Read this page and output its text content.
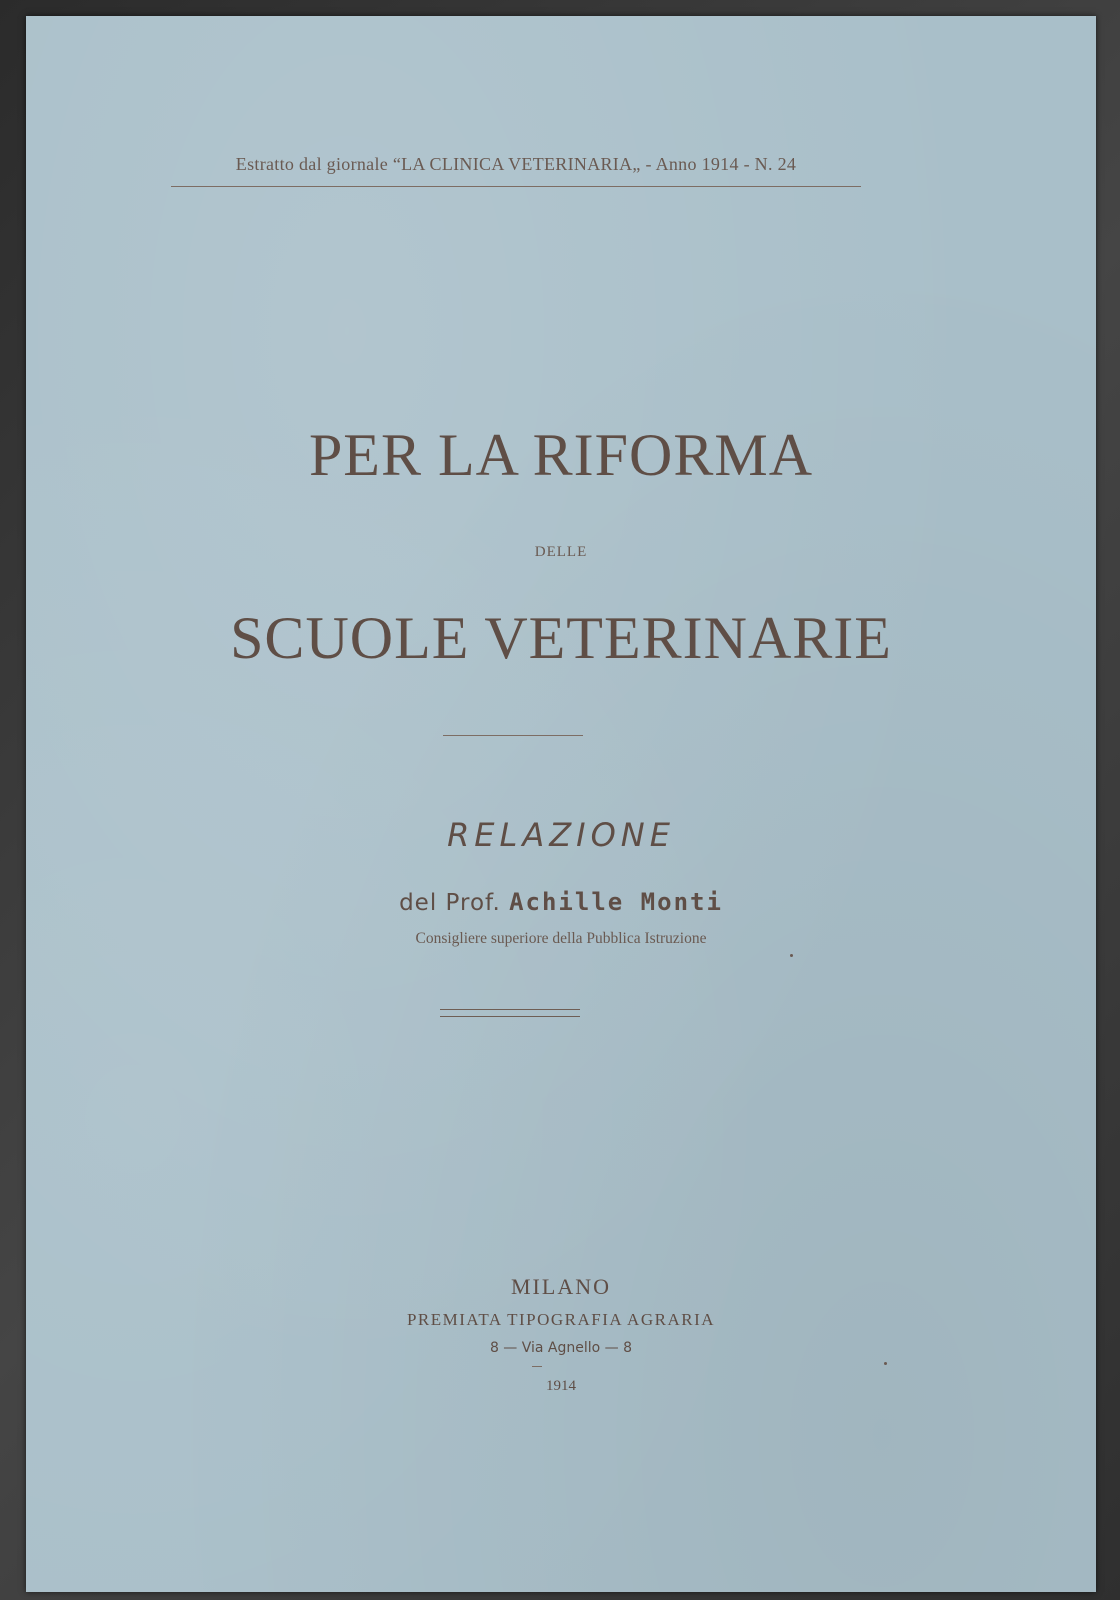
Estratto dal giornale “LA CLINICA VETERINARIA„ - Anno 1914 - N. 24
PER LA RIFORMA
DELLE
SCUOLE VETERINARIE
RELAZIONE
del Prof. Achille Monti
Consigliere superiore della Pubblica Istruzione
MILANO
PREMIATA TIPOGRAFIA AGRARIA
8 — Via Agnello — 8
1914
